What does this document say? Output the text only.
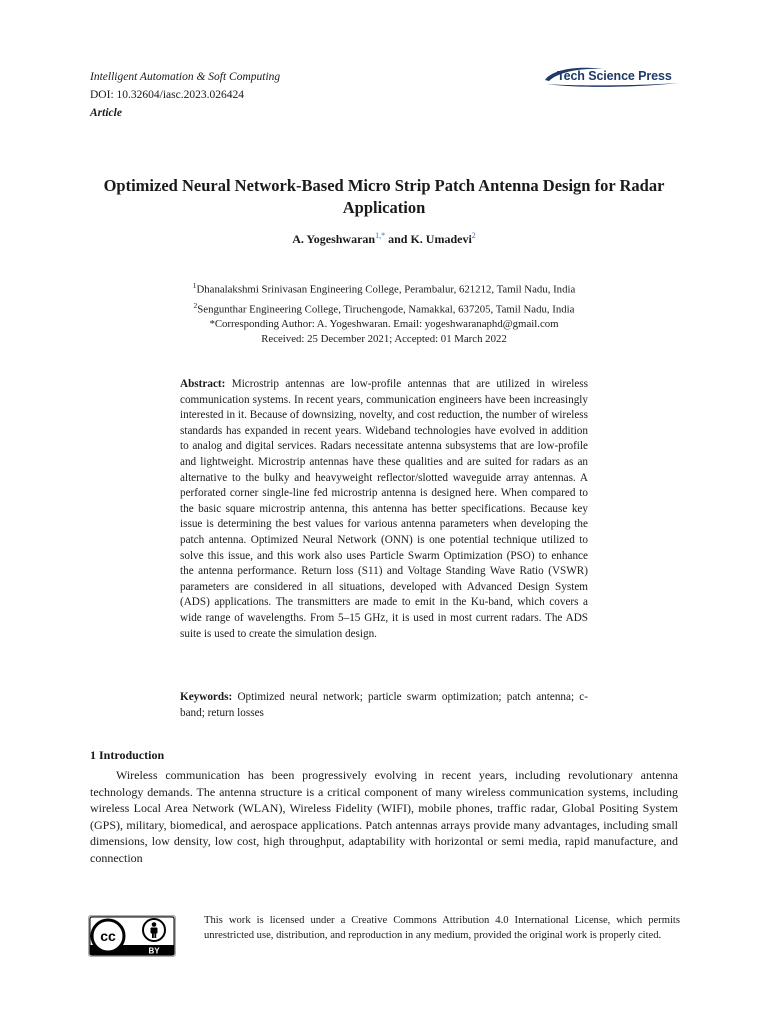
Intelligent Automation & Soft Computing
DOI: 10.32604/iasc.2023.026424
Article
Tech Science Press
Optimized Neural Network-Based Micro Strip Patch Antenna Design for Radar Application
A. Yogeshwaran$^{1,*}$ and K. Umadevi$^2$
$^1$Dhanalakshmi Srinivasan Engineering College, Perambalur, 621212, Tamil Nadu, India
$^2$Sengunthar Engineering College, Tiruchengode, Namakkal, 637205, Tamil Nadu, India
*Corresponding Author: A. Yogeshwaran. Email: yogeshwaranaphd@gmail.com
Received: 25 December 2021; Accepted: 01 March 2022
Abstract: Microstrip antennas are low-profile antennas that are utilized in wireless communication systems. In recent years, communication engineers have been increasingly interested in it. Because of downsizing, novelty, and cost reduction, the number of wireless standards has expanded in recent years. Wideband technologies have evolved in addition to analog and digital services. Radars necessitate antenna subsystems that are low-profile and lightweight. Microstrip antennas have these qualities and are suited for radars as an alternative to the bulky and heavyweight reflector/slotted waveguide array antennas. A perforated corner single-line fed microstrip antenna is designed here. When compared to the basic square microstrip antenna, this antenna has better specifications. Because key issue is determining the best values for various antenna parameters when developing the patch antenna. Optimized Neural Network (ONN) is one potential technique utilized to solve this issue, and this work also uses Particle Swarm Optimization (PSO) to enhance the antenna performance. Return loss (S11) and Voltage Standing Wave Ratio (VSWR) parameters are considered in all situations, developed with Advanced Design System (ADS) applications. The transmitters are made to emit in the Ku-band, which covers a wide range of wavelengths. From 5–15 GHz, it is used in most current radars. The ADS suite is used to create the simulation design.
Keywords: Optimized neural network; particle swarm optimization; patch antenna; c-band; return losses
1 Introduction
Wireless communication has been progressively evolving in recent years, including revolutionary antenna technology demands. The antenna structure is a critical component of many wireless communication systems, including wireless Local Area Network (WLAN), Wireless Fidelity (WIFI), mobile phones, traffic radar, Global Positing System (GPS), military, biomedical, and aerospace applications. Patch antennas arrays provide many advantages, including small dimensions, low density, low cost, high throughput, adaptability with horizontal or semi media, rapid manufacture, and connection
cc
BY
This work is licensed under a Creative Commons Attribution 4.0 International License, which permits unrestricted use, distribution, and reproduction in any medium, provided the original work is properly cited.
